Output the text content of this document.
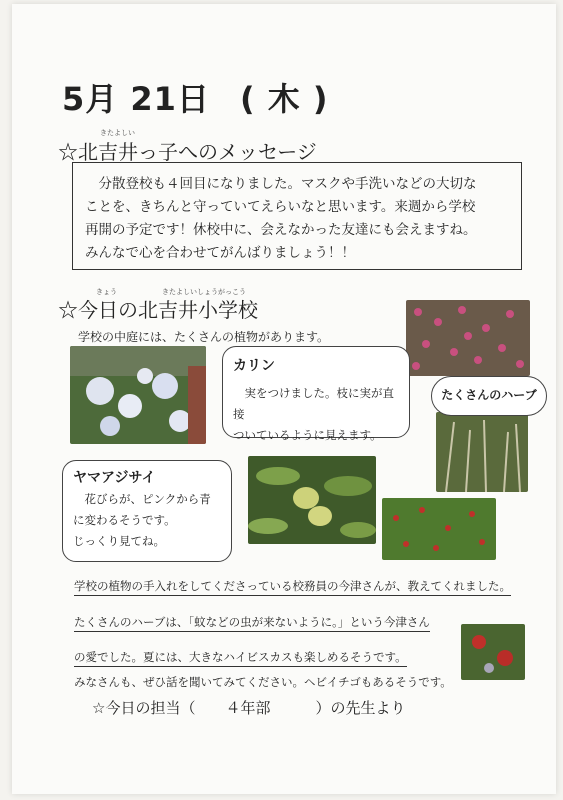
5月 21日 ( 木 )
きたよしい
☆北吉井っ子へのメッセージ

分散登校も４回目になりました。マスクや手洗いなどの大切な

ことを、きちんと守っていてえらいなと思います。来週から学校
再開の予定です！休校中に、会えなかった友達にも会えますね。
みんなで心を合わせてがんばりましょう！！
きょう	きたよしいしょうがっこう
☆今日の北吉井小学校
学校の中庭には、たくさんの植物があります。
カリン
実をつけました。枝に実が直接
ついているように見えます。
たくさんのハーブ
ヤマアジサイ
花びらが、ピンクから青
に変わるそうです。
じっくり見てね。
学校の植物の手入れをしてくださっている校務員の今津さんが、教えてくれました。
たくさんのハーブは、「蚊などの虫が来ないように。」という今津さん
の愛でした。夏には、大きなハイビスカスも楽しめるそうです。
みなさんも、ぜひ話を聞いてみてください。ヘビイチゴもあるそうです。
☆今日の担当（　　４年部　　　）の先生より
